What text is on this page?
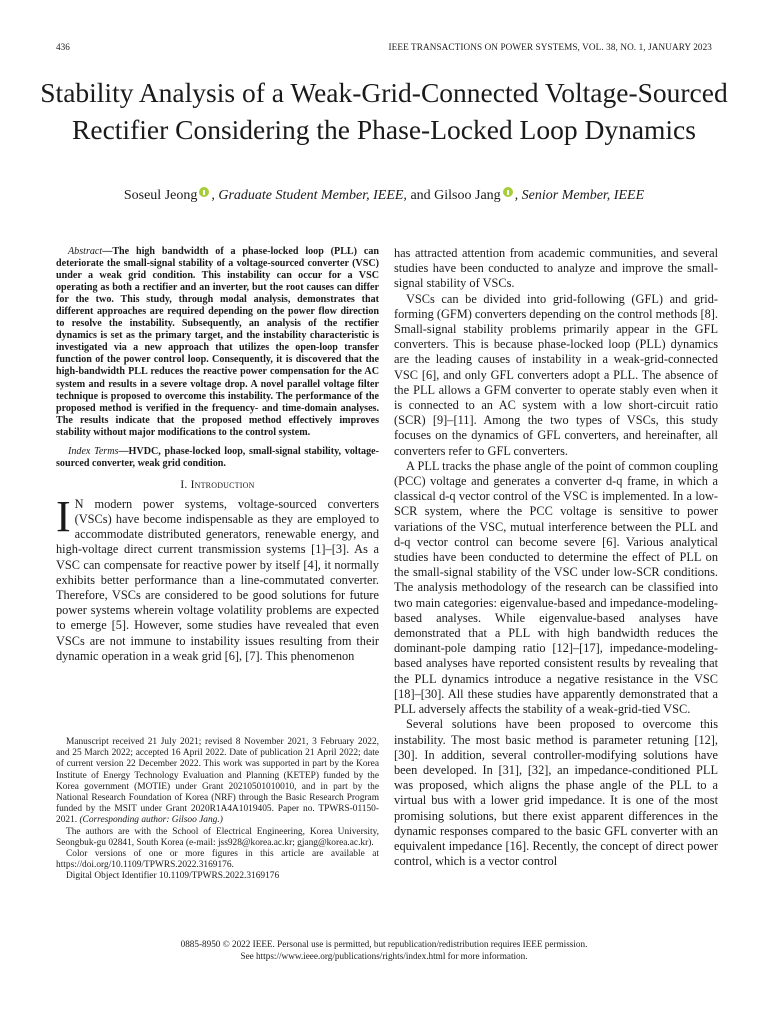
436	IEEE TRANSACTIONS ON POWER SYSTEMS, VOL. 38, NO. 1, JANUARY 2023
Stability Analysis of a Weak-Grid-Connected Voltage-Sourced Rectifier Considering the Phase-Locked Loop Dynamics
Soseul Jeong , Graduate Student Member, IEEE, and Gilsoo Jang , Senior Member, IEEE

Abstract—The high bandwidth of a phase-locked loop (PLL) can deteriorate the small-signal stability of a voltage-sourced converter (VSC) under a weak grid condition. This instability can occur for a VSC operating as both a rectifier and an inverter, but the root causes can differ for the two. This study, through modal analysis, demonstrates that different approaches are required depending on the power flow direction to resolve the instability. Subsequently, an analysis of the rectifier dynamics is set as the primary target, and the instability characteristic is investigated via a new approach that utilizes the open-loop transfer function of the power control loop. Consequently, it is discovered that the high-bandwidth PLL reduces the reactive power compensation for the AC system and results in a severe voltage drop. A novel parallel voltage filter technique is proposed to overcome this instability. The performance of the proposed method is verified in the frequency- and time-domain analyses. The results indicate that the proposed method effectively improves stability without major modifications to the control system.

Index Terms—HVDC, phase-locked loop, small-signal stability, voltage-sourced converter, weak grid condition.

I. Introduction

I N modern power systems, voltage-sourced converters (VSCs) have become indispensable as they are employed to accommodate distributed generators, renewable energy, and high-voltage direct current transmission systems [1]–[3]. As a VSC can compensate for reactive power by itself [4], it normally exhibits better performance than a line-commutated converter. Therefore, VSCs are considered to be good solutions for future power systems wherein voltage volatility problems are expected to emerge [5]. However, some studies have revealed that even VSCs are not immune to instability issues resulting from their dynamic operation in a weak grid [6], [7]. This phenomenon

Manuscript received 21 July 2021; revised 8 November 2021, 3 February 2022, and 25 March 2022; accepted 16 April 2022. Date of publication 21 April 2022; date of current version 22 December 2022. This work was supported in part by the Korea Institute of Energy Technology Evaluation and Planning (KETEP) funded by the Korea government (MOTIE) under Grant 20210501010010, and in part by the National Research Foundation of Korea (NRF) through the Basic Research Program funded by the MSIT under Grant 2020R1A4A1019405. Paper no. TPWRS-01150-2021. (Corresponding author: Gilsoo Jang.)

The authors are with the School of Electrical Engineering, Korea University, Seongbuk-gu 02841, South Korea (e-mail: jss928@korea.ac.kr; gjang@korea.ac.kr).

Color versions of one or more figures in this article are available at https://doi.org/10.1109/TPWRS.2022.3169176.

Digital Object Identifier 10.1109/TPWRS.2022.3169176

has attracted attention from academic communities, and several studies have been conducted to analyze and improve the small-signal stability of VSCs.

VSCs can be divided into grid-following (GFL) and grid-forming (GFM) converters depending on the control methods [8]. Small-signal stability problems primarily appear in the GFL converters. This is because phase-locked loop (PLL) dynamics are the leading causes of instability in a weak-grid-connected VSC [6], and only GFL converters adopt a PLL. The absence of the PLL allows a GFM converter to operate stably even when it is connected to an AC system with a low short-circuit ratio (SCR) [9]–[11]. Among the two types of VSCs, this study focuses on the dynamics of GFL converters, and hereinafter, all converters refer to GFL converters.

A PLL tracks the phase angle of the point of common coupling (PCC) voltage and generates a converter d-q frame, in which a classical d-q vector control of the VSC is implemented. In a low-SCR system, where the PCC voltage is sensitive to power variations of the VSC, mutual interference between the PLL and d-q vector control can become severe [6]. Various analytical studies have been conducted to determine the effect of PLL on the small-signal stability of the VSC under low-SCR conditions. The analysis methodology of the research can be classified into two main categories: eigenvalue-based and impedance-modeling-based analyses. While eigenvalue-based analyses have demonstrated that a PLL with high bandwidth reduces the dominant-pole damping ratio [12]–[17], impedance-modeling-based analyses have reported consistent results by revealing that the PLL dynamics introduce a negative resistance in the VSC [18]–[30]. All these studies have apparently demonstrated that a PLL adversely affects the stability of a weak-grid-tied VSC.

Several solutions have been proposed to overcome this instability. The most basic method is parameter retuning [12], [30]. In addition, several controller-modifying solutions have been developed. In [31], [32], an impedance-conditioned PLL was proposed, which aligns the phase angle of the PLL to a virtual bus with a lower grid impedance. It is one of the most promising solutions, but there exist apparent differences in the dynamic responses compared to the basic GFL converter with an equivalent impedance [16]. Recently, the concept of direct power control, which is a vector control

0885-8950 © 2022 IEEE. Personal use is permitted, but republication/redistribution requires IEEE permission.

See https://www.ieee.org/publications/rights/index.html for more information.
